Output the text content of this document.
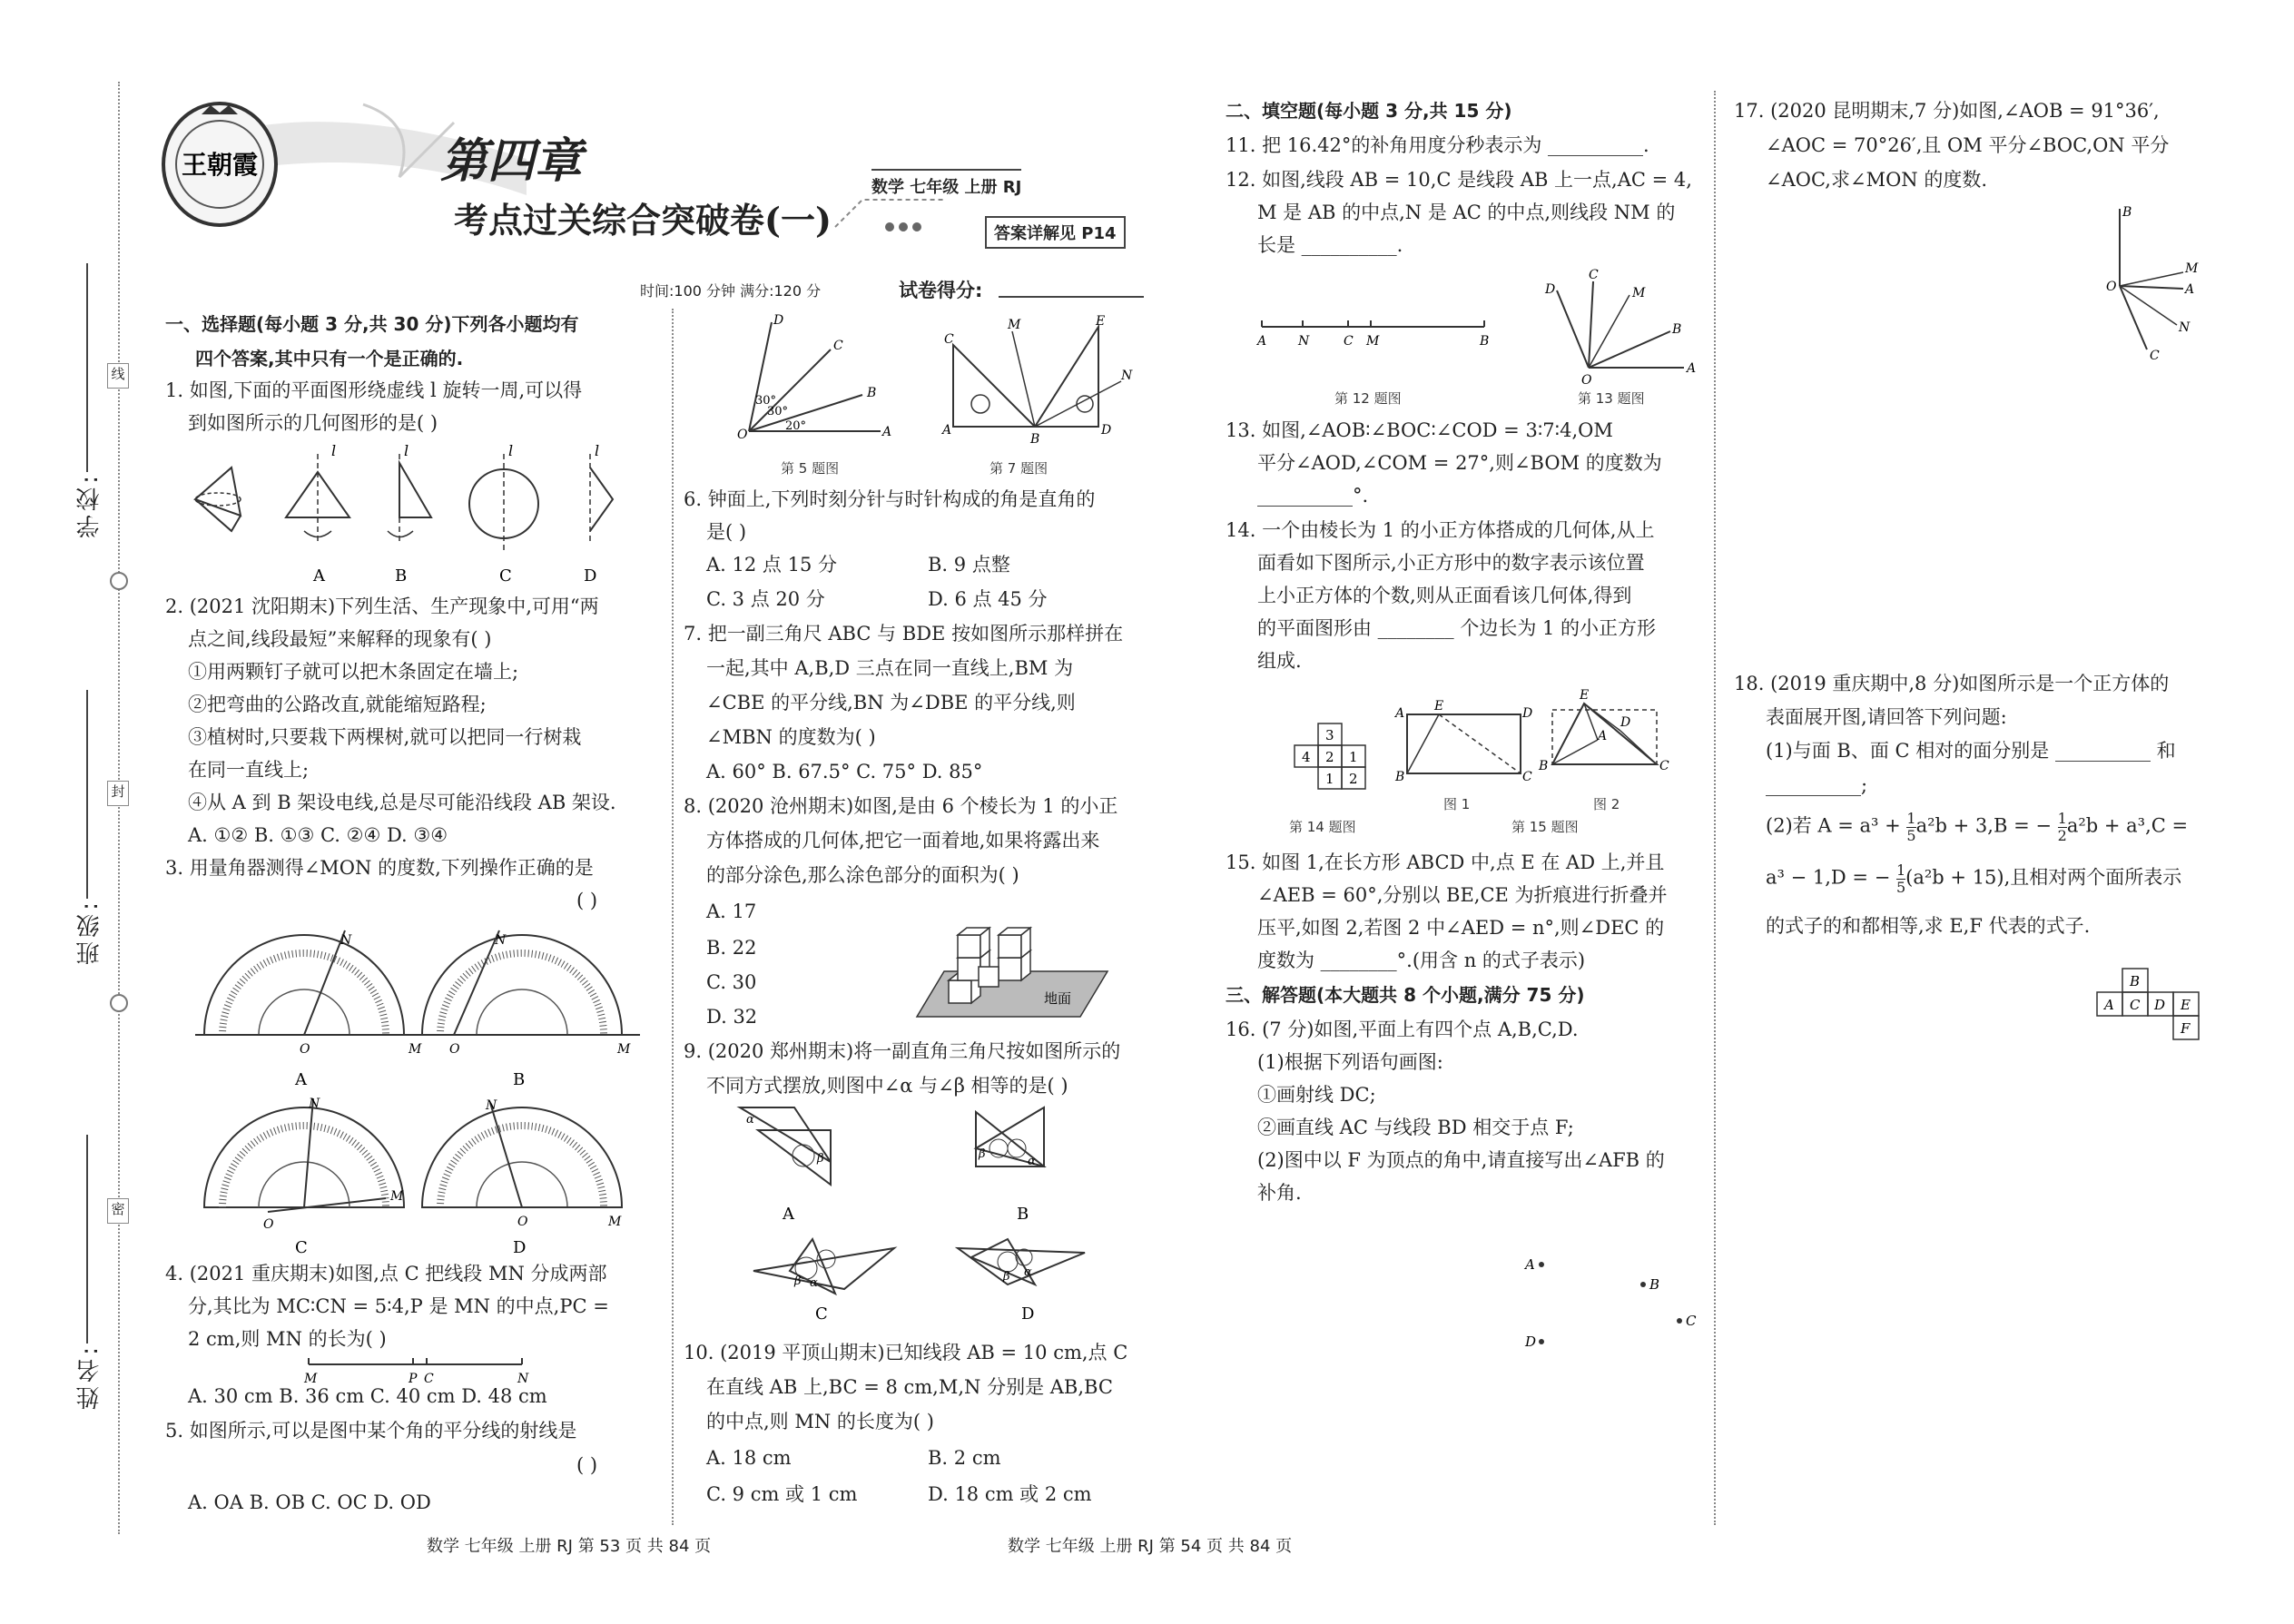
学校:
班级:
姓名:
线
封
密
王朝霞	第四章
考点过关综合突破卷(一)
数学 七年级 上册 RJ
答案详解见 P14
时间:100 分钟 满分:120 分	试卷得分:
一、选择题(每小题 3 分,共 30 分)下列各小题均有
四个答案,其中只有一个是正确的.
1. 如图,下面的平面图形绕虚线 l 旋转一周,可以得
到如图所示的几何图形的是( )
l	l	l	l
A	B	C	D
2. (2021 沈阳期末)下列生活、生产现象中,可用“两
点之间,线段最短”来解释的现象有( )
①用两颗钉子就可以把木条固定在墙上;
②把弯曲的公路改直,就能缩短路程;
③植树时,只要栽下两棵树,就可以把同一行树栽
在同一直线上;
④从 A 到 B 架设电线,总是尽可能沿线段 AB 架设.
A. ①② B. ①③ C. ②④ D. ③④
3. 用量角器测得∠MON 的度数,下列操作正确的是
( )
N
O	M
A
N
O	M
B
N
O
M
C
N
O	M
D
4. (2021 重庆期末)如图,点 C 把线段 MN 分成两部
分,其比为 MC∶CN = 5∶4,P 是 MN 的中点,PC =
2 cm,则 MN 的长为( )
M	P C	N
A. 30 cm B. 36 cm C. 40 cm D. 48 cm
5. 如图所示,可以是图中某个角的平分线的射线是
( )
A. OA B. OB C. OC D. OD
D
C
B
A
O
30°
30°
20°
第 5 题图
C
M	E
N
A
B
D
第 7 题图
6. 钟面上,下列时刻分针与时针构成的角是直角的
是( )
A. 12 点 15 分	B. 9 点整
C. 3 点 20 分	D. 6 点 45 分
7. 把一副三角尺 ABC 与 BDE 按如图所示那样拼在
一起,其中 A,B,D 三点在同一直线上,BM 为
∠CBE 的平分线,BN 为∠DBE 的平分线,则
∠MBN 的度数为( )
A. 60° B. 67.5° C. 75° D. 85°
8. (2020 沧州期末)如图,是由 6 个棱长为 1 的小正
方体搭成的几何体,把它一面着地,如果将露出来
的部分涂色,那么涂色部分的面积为( )
A. 17
B. 22
C. 30
D. 32
地面
9. (2020 郑州期末)将一副直角三角尺按如图所示的
不同方式摆放,则图中∠α 与∠β 相等的是( )
α
β
A
β
α
B
β α
C
β α
D
10. (2019 平顶山期末)已知线段 AB = 10 cm,点 C
在直线 AB 上,BC = 8 cm,M,N 分别是 AB,BC
的中点,则 MN 的长度为( )
A. 18 cm	B. 2 cm
C. 9 cm 或 1 cm	D. 18 cm 或 2 cm
数学 七年级 上册 RJ 第 53 页 共 84 页
二、填空题(每小题 3 分,共 15 分)
11. 把 16.42°的补角用度分秒表示为 __________.
12. 如图,线段 AB = 10,C 是线段 AB 上一点,AC = 4,
M 是 AB 的中点,N 是 AC 的中点,则线段 NM 的
长是 __________.
A N	C M	B
第 12 题图
D
C
M
B
O
A
第 13 题图
13. 如图,∠AOB∶∠BOC∶∠COD = 3∶7∶4,OM
平分∠AOD,∠COM = 27°,则∠BOM 的度数为
__________°.
14. 一个由棱长为 1 的小正方体搭成的几何体,从上
面看如下图所示,小正方形中的数字表示该位置
上小正方体的个数,则从正面看该几何体,得到
的平面图形由 ________ 个边长为 1 的小正方形
组成.
3
4 2 1
1 2
第 14 题图
A E	D
B	C
图 1
E
A
D
B	C
图 2
第 15 题图
15. 如图 1,在长方形 ABCD 中,点 E 在 AD 上,并且
∠AEB = 60°,分别以 BE,CE 为折痕进行折叠并
压平,如图 2,若图 2 中∠AED = n°,则∠DEC 的
度数为 ________°.(用含 n 的式子表示)
三、解答题(本大题共 8 个小题,满分 75 分)
16. (7 分)如图,平面上有四个点 A,B,C,D.
(1)根据下列语句画图:
①画射线 DC;
②画直线 AC 与线段 BD 相交于点 F;
(2)图中以 F 为顶点的角中,请直接写出∠AFB 的
补角.
A
B
C
D
数学 七年级 上册 RJ 第 54 页 共 84 页
17. (2020 昆明期末,7 分)如图,∠AOB = 91°36′,
∠AOC = 70°26′,且 OM 平分∠BOC,ON 平分
∠AOC,求∠MON 的度数.
B
M
O	A
N
C
18. (2019 重庆期中,8 分)如图所示是一个正方体的
表面展开图,请回答下列问题:
(1)与面 B、面 C 相对的面分别是 __________ 和
__________;
(2)若 $A = a^3 + \frac{1}{5} a^2b + 3,B$ = − $\frac{1}{2} a^2b + a^3,C$ =
a³ − 1,D = − $\frac{1}{5} (a^2b + 15)$,且相对两个面所表示
的式子的和都相等,求 E,F 代表的式子.
B
A C D E
F
